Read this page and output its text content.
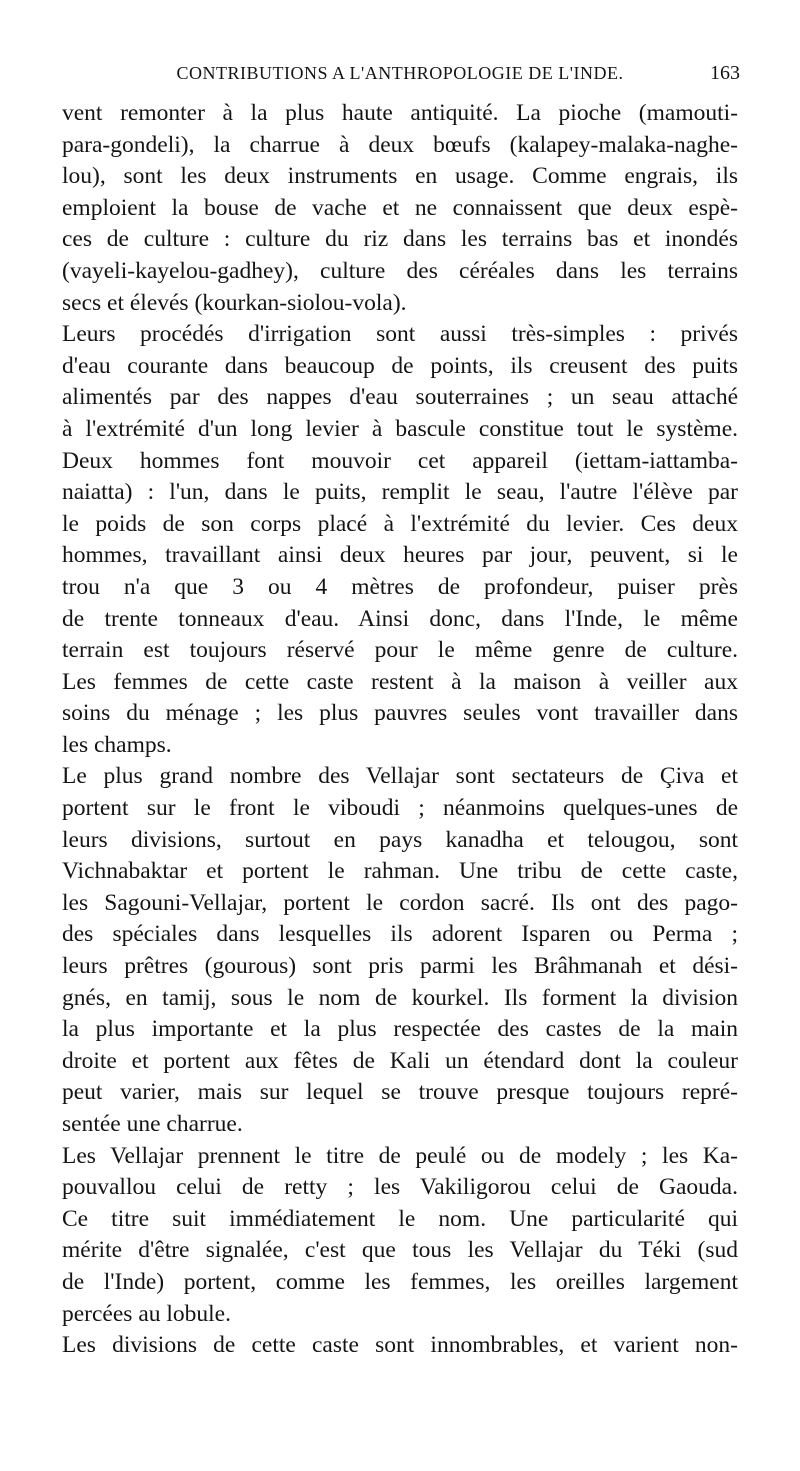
CONTRIBUTIONS A L'ANTHROPOLOGIE DE L'INDE.	163
vent remonter à la plus haute antiquité. La pioche (mamouti-
para-gondeli), la charrue à deux bœufs (kalapey-malaka-naghe-
lou), sont les deux instruments en usage. Comme engrais, ils
emploient la bouse de vache et ne connaissent que deux espè-
ces de culture : culture du riz dans les terrains bas et inondés
(vayeli-kayelou-gadhey), culture des céréales dans les terrains
secs et élevés (kourkan-siolou-vola).
Leurs procédés d'irrigation sont aussi très-simples : privés
d'eau courante dans beaucoup de points, ils creusent des puits
alimentés par des nappes d'eau souterraines ; un seau attaché
à l'extrémité d'un long levier à bascule constitue tout le système.
Deux hommes font mouvoir cet appareil (iettam-iattamba-
naiatta) : l'un, dans le puits, remplit le seau, l'autre l'élève par
le poids de son corps placé à l'extrémité du levier. Ces deux
hommes, travaillant ainsi deux heures par jour, peuvent, si le
trou n'a que 3 ou 4 mètres de profondeur, puiser près
de trente tonneaux d'eau. Ainsi donc, dans l'Inde, le même
terrain est toujours réservé pour le même genre de culture.
Les femmes de cette caste restent à la maison à veiller aux
soins du ménage ; les plus pauvres seules vont travailler dans
les champs.
Le plus grand nombre des Vellajar sont sectateurs de Çiva et
portent sur le front le viboudi ; néanmoins quelques-unes de
leurs divisions, surtout en pays kanadha et telougou, sont
Vichnabaktar et portent le rahman. Une tribu de cette caste,
les Sagouni-Vellajar, portent le cordon sacré. Ils ont des pago-
des spéciales dans lesquelles ils adorent Isparen ou Perma ;
leurs prêtres (gourous) sont pris parmi les Brâhmanah et dési-
gnés, en tamij, sous le nom de kourkel. Ils forment la division
la plus importante et la plus respectée des castes de la main
droite et portent aux fêtes de Kali un étendard dont la couleur
peut varier, mais sur lequel se trouve presque toujours repré-
sentée une charrue.
Les Vellajar prennent le titre de peulé ou de modely ; les Ka-
pouvallou celui de retty ; les Vakiligorou celui de Gaouda.
Ce titre suit immédiatement le nom. Une particularité qui
mérite d'être signalée, c'est que tous les Vellajar du Téki (sud
de l'Inde) portent, comme les femmes, les oreilles largement
percées au lobule.
Les divisions de cette caste sont innombrables, et varient non-
